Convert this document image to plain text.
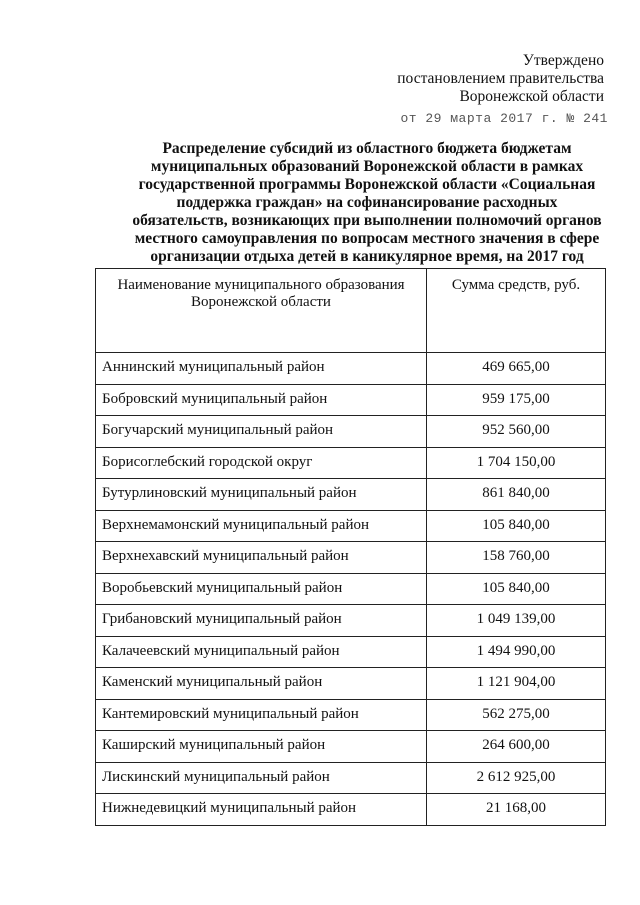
Утверждено
постановлением правительства
Воронежской области
от 29 марта 2017 г. № 241
Распределение субсидий из областного бюджета бюджетам муниципальных образований Воронежской области в рамках государственной программы Воронежской области «Социальная поддержка граждан» на софинансирование расходных обязательств, возникающих при выполнении полномочий органов местного самоуправления по вопросам местного значения в сфере организации отдыха детей в каникулярное время, на 2017 год
Наименование муниципального образования Воронежской области	Сумма средств, руб.
Аннинский муниципальный район	469 665,00
Бобровский муниципальный район	959 175,00
Богучарский муниципальный район	952 560,00
Борисоглебский городской округ	1 704 150,00
Бутурлиновский муниципальный район	861 840,00
Верхнемамонский муниципальный район	105 840,00
Верхнехавский муниципальный район	158 760,00
Воробьевский муниципальный район	105 840,00
Грибановский муниципальный район	1 049 139,00
Калачеевский муниципальный район	1 494 990,00
Каменский муниципальный район	1 121 904,00
Кантемировский муниципальный район	562 275,00
Каширский муниципальный район	264 600,00
Лискинский муниципальный район	2 612 925,00
Нижнедевицкий муниципальный район	21 168,00
